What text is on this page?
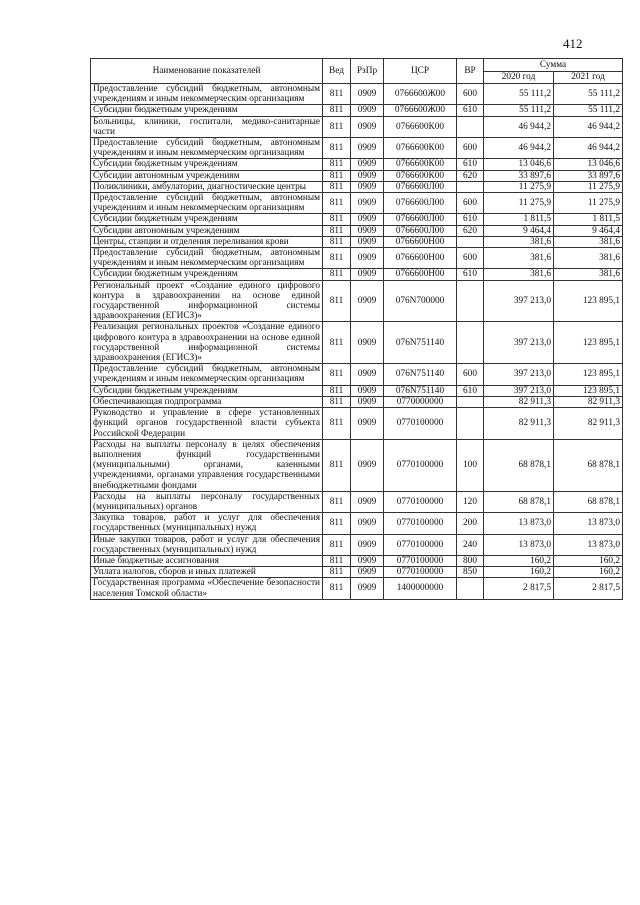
412
Наименование показателей	Вед	РзПр	ЦСР	ВР	Сумма	
					2020 год	2021 год
Предоставление субсидий бюджетным, автономным учреждениям и иным некоммерческим организациям	811	0909	0766600Ж00	600	55 111,2	55 111,2
Субсидии бюджетным учреждениям	811	0909	0766600Ж00	610	55 111,2	55 111,2
Больницы, клиники, госпитали, медико-санитарные части	811	0909	0766600К00		46 944,2	46 944,2
Предоставление субсидий бюджетным, автономным учреждениям и иным некоммерческим организациям	811	0909	0766600К00	600	46 944,2	46 944,2
Субсидии бюджетным учреждениям	811	0909	0766600К00	610	13 046,6	13 046,6
Субсидии автономным учреждениям	811	0909	0766600К00	620	33 897,6	33 897,6
Поликлиники, амбулатории, диагностические центры	811	0909	0766600Л00		11 275,9	11 275,9
Предоставление субсидий бюджетным, автономным учреждениям и иным некоммерческим организациям	811	0909	0766600Л00	600	11 275,9	11 275,9
Субсидии бюджетным учреждениям	811	0909	0766600Л00	610	1 811,5	1 811,5
Субсидии автономным учреждениям	811	0909	0766600Л00	620	9 464,4	9 464,4
Центры, станции и отделения переливания крови	811	0909	0766600Н00		381,6	381,6
Предоставление субсидий бюджетным, автономным учреждениям и иным некоммерческим организациям	811	0909	0766600Н00	600	381,6	381,6
Субсидии бюджетным учреждениям	811	0909	0766600Н00	610	381,6	381,6
Региональный проект «Создание единого цифрового контура в здравоохранении на основе единой государственной информационной системы здравоохранения (ЕГИСЗ)»	811	0909	076N700000		397 213,0	123 895,1
Реализация региональных проектов «Создание единого цифрового контура в здравоохранении на основе единой государственной информационной системы здравоохранения (ЕГИСЗ)»	811	0909	076N751140		397 213,0	123 895,1
Предоставление субсидий бюджетным, автономным учреждениям и иным некоммерческим организациям	811	0909	076N751140	600	397 213,0	123 895,1
Субсидии бюджетным учреждениям	811	0909	076N751140	610	397 213,0	123 895,1
Обеспечивающая подпрограмма	811	0909	0770000000		82 911,3	82 911,3
Руководство и управление в сфере установленных функций органов государственной власти субъекта Российской Федерации	811	0909	0770100000		82 911,3	82 911,3
Расходы на выплаты персоналу в целях обеспечения выполнения функций государственными (муниципальными) органами, казенными учреждениями, органами управления государственными внебюджетными фондами	811	0909	0770100000	100	68 878,1	68 878,1
Расходы на выплаты персоналу государственных (муниципальных) органов	811	0909	0770100000	120	68 878,1	68 878,1
Закупка товаров, работ и услуг для обеспечения государственных (муниципальных) нужд	811	0909	0770100000	200	13 873,0	13 873,0
Иные закупки товаров, работ и услуг для обеспечения государственных (муниципальных) нужд	811	0909	0770100000	240	13 873,0	13 873,0
Иные бюджетные ассигнования	811	0909	0770100000	800	160,2	160,2
Уплата налогов, сборов и иных платежей	811	0909	0770100000	850	160,2	160,2
Государственная программа «Обеспечение безопасности населения Томской области»	811	0909	1400000000		2 817,5	2 817,5
